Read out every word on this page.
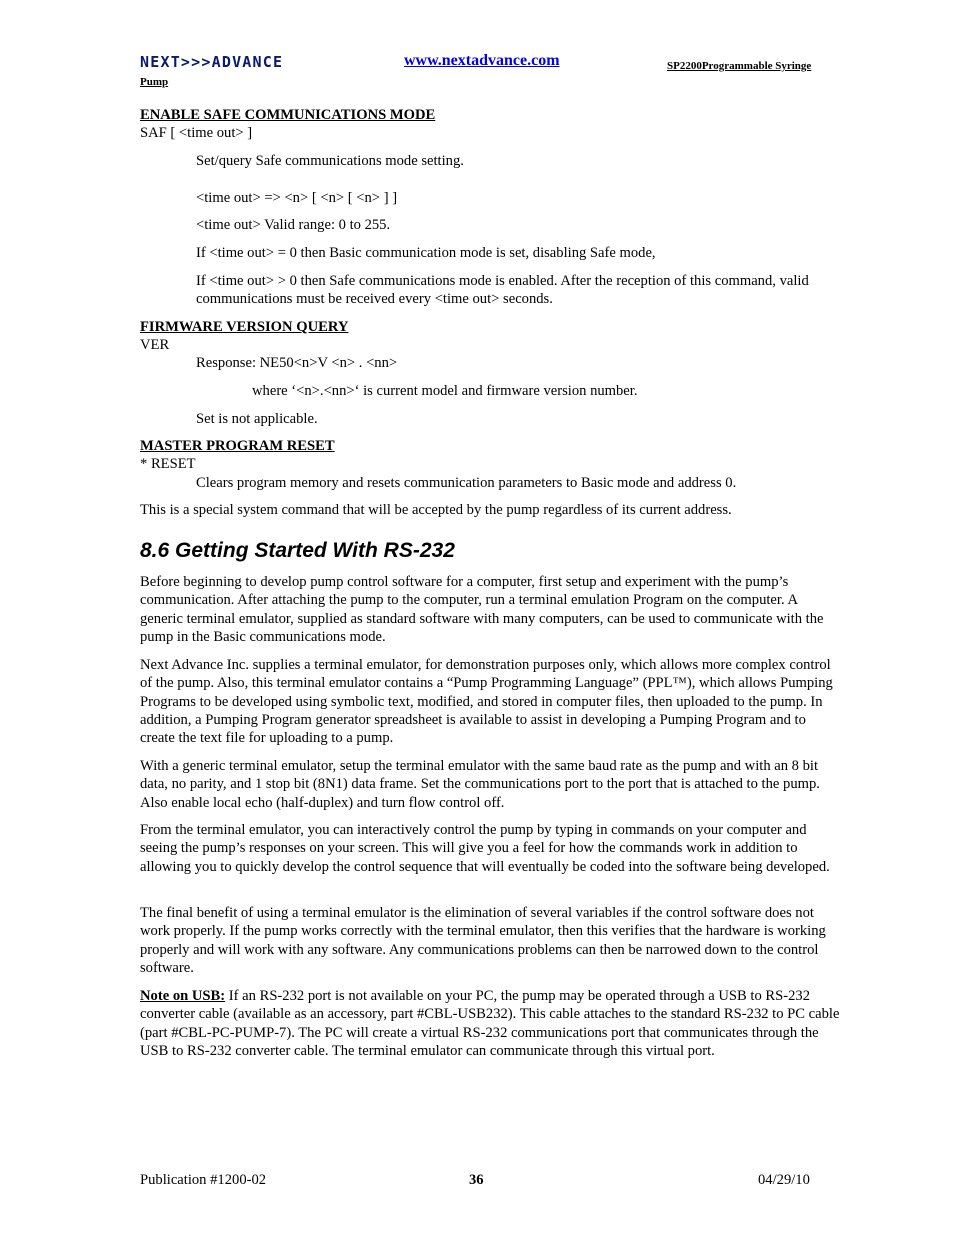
NEXT>>>ADVANCE	www.nextadvance.com	SP2200Programmable Syringe
Pump
ENABLE SAFE COMMUNICATIONS MODE
SAF [ <time out> ]
Set/query Safe communications mode setting.
<time out> => <n> [ <n> [ <n> ] ]
<time out> Valid range: 0 to 255.
If <time out> = 0 then Basic communication mode is set, disabling Safe mode,
If <time out> > 0 then Safe communications mode is enabled. After the reception of this command, valid communications must be received every <time out> seconds.
FIRMWARE VERSION QUERY
VER
Response: NE50<n>V <n> . <nn>
where ‘<n>.<nn>‘ is current model and firmware version number.
Set is not applicable.
MASTER PROGRAM RESET
* RESET
Clears program memory and resets communication parameters to Basic mode and address 0.
This is a special system command that will be accepted by the pump regardless of its current address.
8.6 Getting Started With RS-232
Before beginning to develop pump control software for a computer, first setup and experiment with the pump’s communication. After attaching the pump to the computer, run a terminal emulation Program on the computer. A generic terminal emulator, supplied as standard software with many computers, can be used to communicate with the pump in the Basic communications mode.
Next Advance Inc. supplies a terminal emulator, for demonstration purposes only, which allows more complex control of the pump. Also, this terminal emulator contains a “Pump Programming Language” (PPL™), which allows Pumping Programs to be developed using symbolic text, modified, and stored in computer files, then uploaded to the pump. In addition, a Pumping Program generator spreadsheet is available to assist in developing a Pumping Program and to create the text file for uploading to a pump.
With a generic terminal emulator, setup the terminal emulator with the same baud rate as the pump and with an 8 bit data, no parity, and 1 stop bit (8N1) data frame. Set the communications port to the port that is attached to the pump. Also enable local echo (half-duplex) and turn flow control off.
From the terminal emulator, you can interactively control the pump by typing in commands on your computer and seeing the pump’s responses on your screen. This will give you a feel for how the commands work in addition to allowing you to quickly develop the control sequence that will eventually be coded into the software being developed.
The final benefit of using a terminal emulator is the elimination of several variables if the control software does not work properly. If the pump works correctly with the terminal emulator, then this verifies that the hardware is working properly and will work with any software. Any communications problems can then be narrowed down to the control software.
Note on USB: If an RS-232 port is not available on your PC, the pump may be operated through a USB to RS-232 converter cable (available as an accessory, part #CBL-USB232). This cable attaches to the standard RS-232 to PC cable (part #CBL-PC-PUMP-7). The PC will create a virtual RS-232 communications port that communicates through the USB to RS-232 converter cable. The terminal emulator can communicate through this virtual port.
Publication #1200-02	36	04/29/10
